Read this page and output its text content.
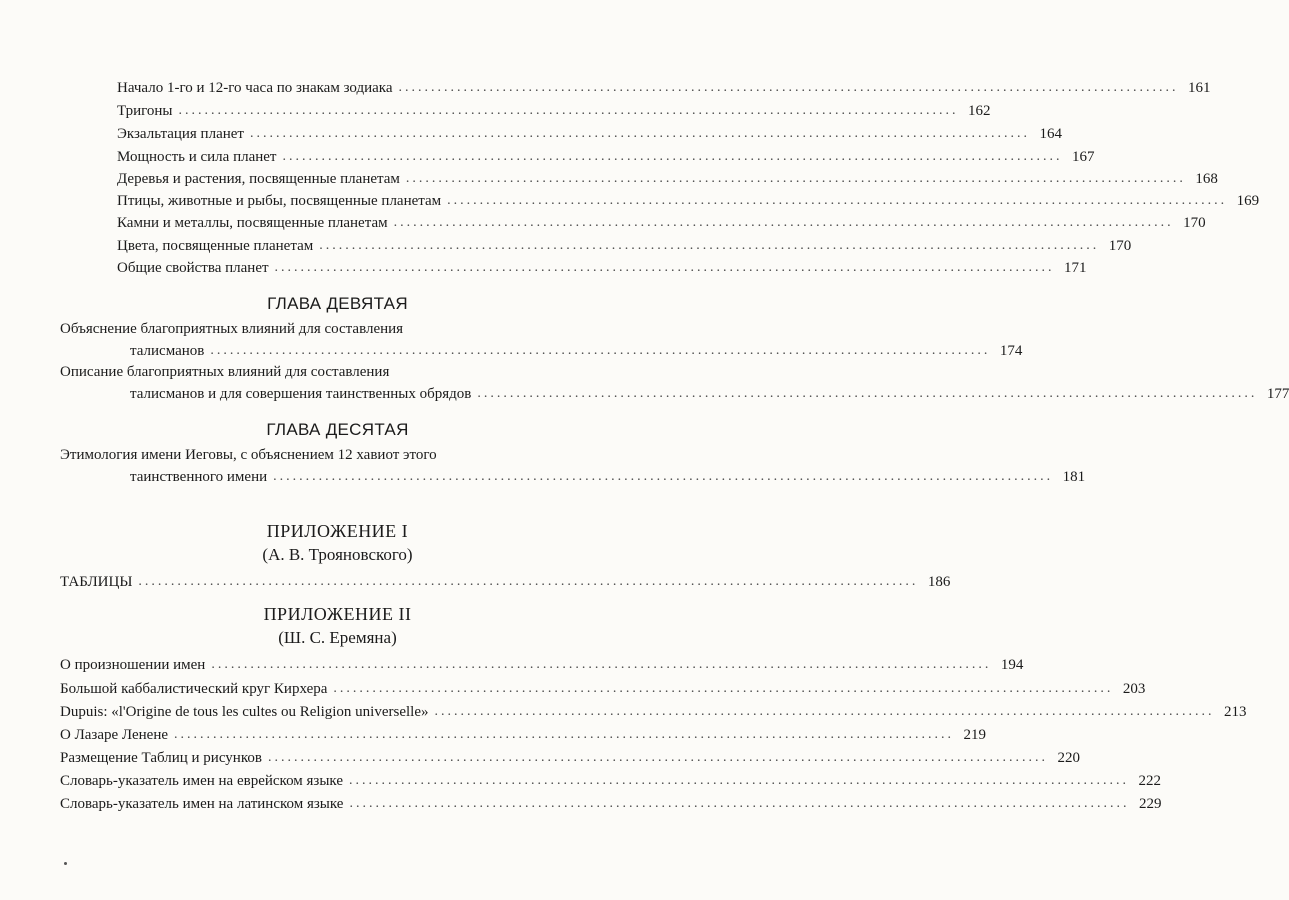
Начало 1-го и 12-го часа по знакам зодиака ........................................................................................................................ 161
Тригоны ........................................................................................................................ 162
Экзальтация планет ........................................................................................................................ 164
Мощность и сила планет ........................................................................................................................ 167
Деревья и растения, посвященные планетам ........................................................................................................................ 168
Птицы, животные и рыбы, посвященные планетам ........................................................................................................................ 169
Камни и металлы, посвященные планетам ........................................................................................................................ 170
Цвета, посвященные планетам ........................................................................................................................ 170
Общие свойства планет ........................................................................................................................ 171
ГЛАВА ДЕВЯТАЯ
Объяснение благоприятных влияний для составления
талисманов ........................................................................................................................ 174
Описание благоприятных влияний для составления
талисманов и для совершения таинственных обрядов ........................................................................................................................ 177
ГЛАВА ДЕСЯТАЯ
Этимология имени Иеговы, с объяснением 12 хавиот этого
таинственного имени ........................................................................................................................ 181
ПРИЛОЖЕНИЕ I
(А. В. Трояновского)
ТАБЛИЦЫ ........................................................................................................................ 186
ПРИЛОЖЕНИЕ II
(Ш. С. Еремяна)
О произношении имен ........................................................................................................................ 194
Большой каббалистический круг Кирхера ........................................................................................................................ 203
Dupuis: «l'Origine de tous les cultes ou Religion universelle» ........................................................................................................................ 213
О Лазаре Ленене ........................................................................................................................ 219
Размещение Таблиц и рисунков ........................................................................................................................ 220
Словарь-указатель имен на еврейском языке ........................................................................................................................ 222
Словарь-указатель имен на латинском языке ........................................................................................................................ 229
